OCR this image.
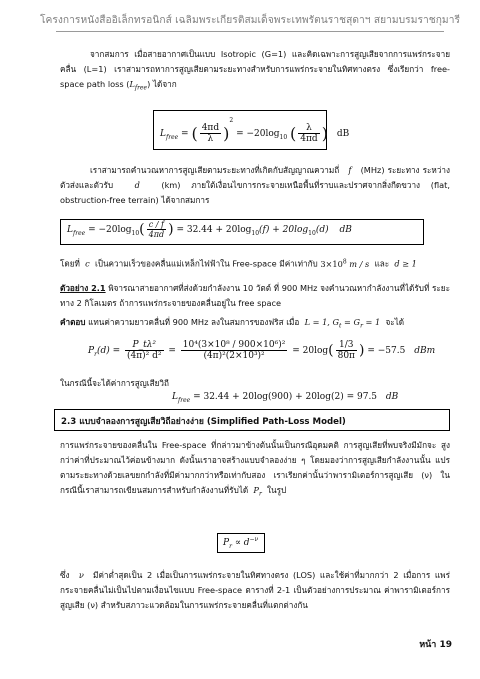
โครงการหนังสืออิเล็กทรอนิกส์ เฉลิมพระเกียรติสมเด็จพระเทพรัตนราชสุดาฯ สยามบรมราชกุมารี
จากสมการ เมื่อสายอากาศเป็นแบบ Isotropic (G=1) และคิดเฉพาะการสูญเสียจากการแพร่กระจาย คลื่น (L=1) เราสามารถหาการสูญเสียตามระยะทางสำหรับการแพร่กระจายในทิศทางตรง ซึ่งเรียกว่า free- space path loss $(L_{free})$ ได้จาก
$L_{free}$ = ( $\frac{4\pi d}{\lambda} )^2 = -20\log_{10}$ ( $\frac{\lambda}{4\pi d}$ ) dB
เราสามารถคำนวณหาการสูญเสียตามระยะทางที่เกิดกับสัญญาณความถี่ f (MHz) ระยะทาง ระหว่างตัวส่งและตัวรับ	d	(km) ภายใต้เงื่อนไขการกระจายเหนือพื้นที่ราบและปราศจากสิ่งกีดขวาง (flat, obstruction-free terrain) ได้จากสมการ
$L_{free} = -20\log_{10}( \frac{c / f}{4\pi d}$ ) = $32.44 + 20\log_{10}(f) + 20\log_{10}(d)$ dB
โดยที่ c เป็นความเร็วของคลื่นแม่เหล็กไฟฟ้าใน Free-space มีค่าเท่ากับ $3\times 10^8$ m / s และ d ≥ 1
ตัวอย่าง 2.1 พิจารณาสายอากาศที่ส่งด้วยกำลังงาน 10 วัตต์ ที่ 900 MHz จงคำนวณหากำลังงานที่ได้รับที่ ระยะทาง 2 กิโลเมตร ถ้าการแพร่กระจายของคลื่นอยู่ใน free space
คำตอบ แทนค่าความยาวคลื่นที่ 900 MHz ลงในสมการของฟริส เมื่อ L = 1, $G_t = G_r = 1$ จะได้
$P_r(d) = \frac{\text{P\_tλ²}}{\text{(4π)² d²}} = \frac{\text{10⁴(3×10⁸ / 900×10⁶)²}}{\text{(4π)²(2×10³)²}} = 20\log( \frac{1/3}{80\pi}$ ) = −57.5 dBm
ในกรณีนี้จะได้ค่าการสูญเสียวิถี
$L_{free} = 32.44 + 20\log(900) + 20\log(2) = 97.5$ dB
2.3 แบบจำลองการสูญเสียวิถีอย่างง่าย (Simplified Path-Loss Model)
การแพร่กระจายของคลื่นใน Free-space ที่กล่าวมาข้างต้นนั้นเป็นกรณีอุดมคติ การสูญเสียที่พบจริงมีมักจะ สูงกว่าค่าที่ประมาณไว้ค่อนข้างมาก ดังนั้นเราอาจสร้างแบบจำลองง่าย ๆ โดยมองว่าการสูญเสียกำลังงานนั้น แปรตามระยะทางด้วยเลขยกกำลังที่มีค่ามากกว่าหรือเท่ากับสอง เราเรียกค่านั้นว่าพารามิเตอร์การสูญเสีย (ν) ในกรณีนี้เราสามารถเขียนสมการสำหรับกำลังงานที่รับได้ $P_r$ ในรูป
$P_r \propto d^{-\nu}$
ซึ่ง ν มีค่าต่ำสุดเป็น 2 เมื่อเป็นการแพร่กระจายในทิศทางตรง (LOS) และใช้ค่าที่มากกว่า 2 เมื่อการ แพร่กระจายคลื่นไม่เป็นไปตามเงื่อนไขแบบ Free-space ตารางที่ 2-1 เป็นตัวอย่างการประมาณ ค่าพารามิเตอร์การสูญเสีย (ν) สำหรับสภาวะแวดล้อมในการแพร่กระจายคลื่นที่แตกต่างกัน
หน้า 19
